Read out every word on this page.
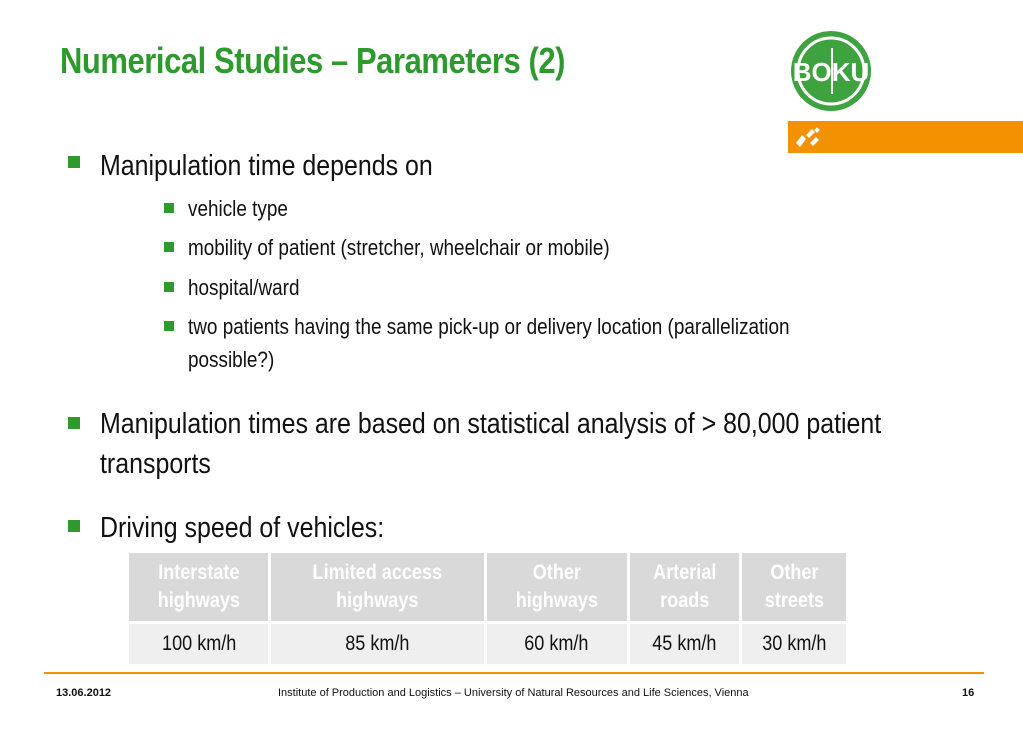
Numerical Studies – Parameters (2)	BOKU
Manipulation time depends on
vehicle type
mobility of patient (stretcher, wheelchair or mobile)
hospital/ward
two patients having the same pick-up or delivery location (parallelization
possible?)
Manipulation times are based on statistical analysis of > 80,000 patient
transports
Driving speed of vehicles:
Interstate
highways	Limited access
highways	Other
highways	Arterial
roads	Other
streets
100 km/h	85 km/h	60 km/h	45 km/h	30 km/h
13.06.2012	Institute of Production and Logistics – University of Natural Resources and Life Sciences, Vienna	16
